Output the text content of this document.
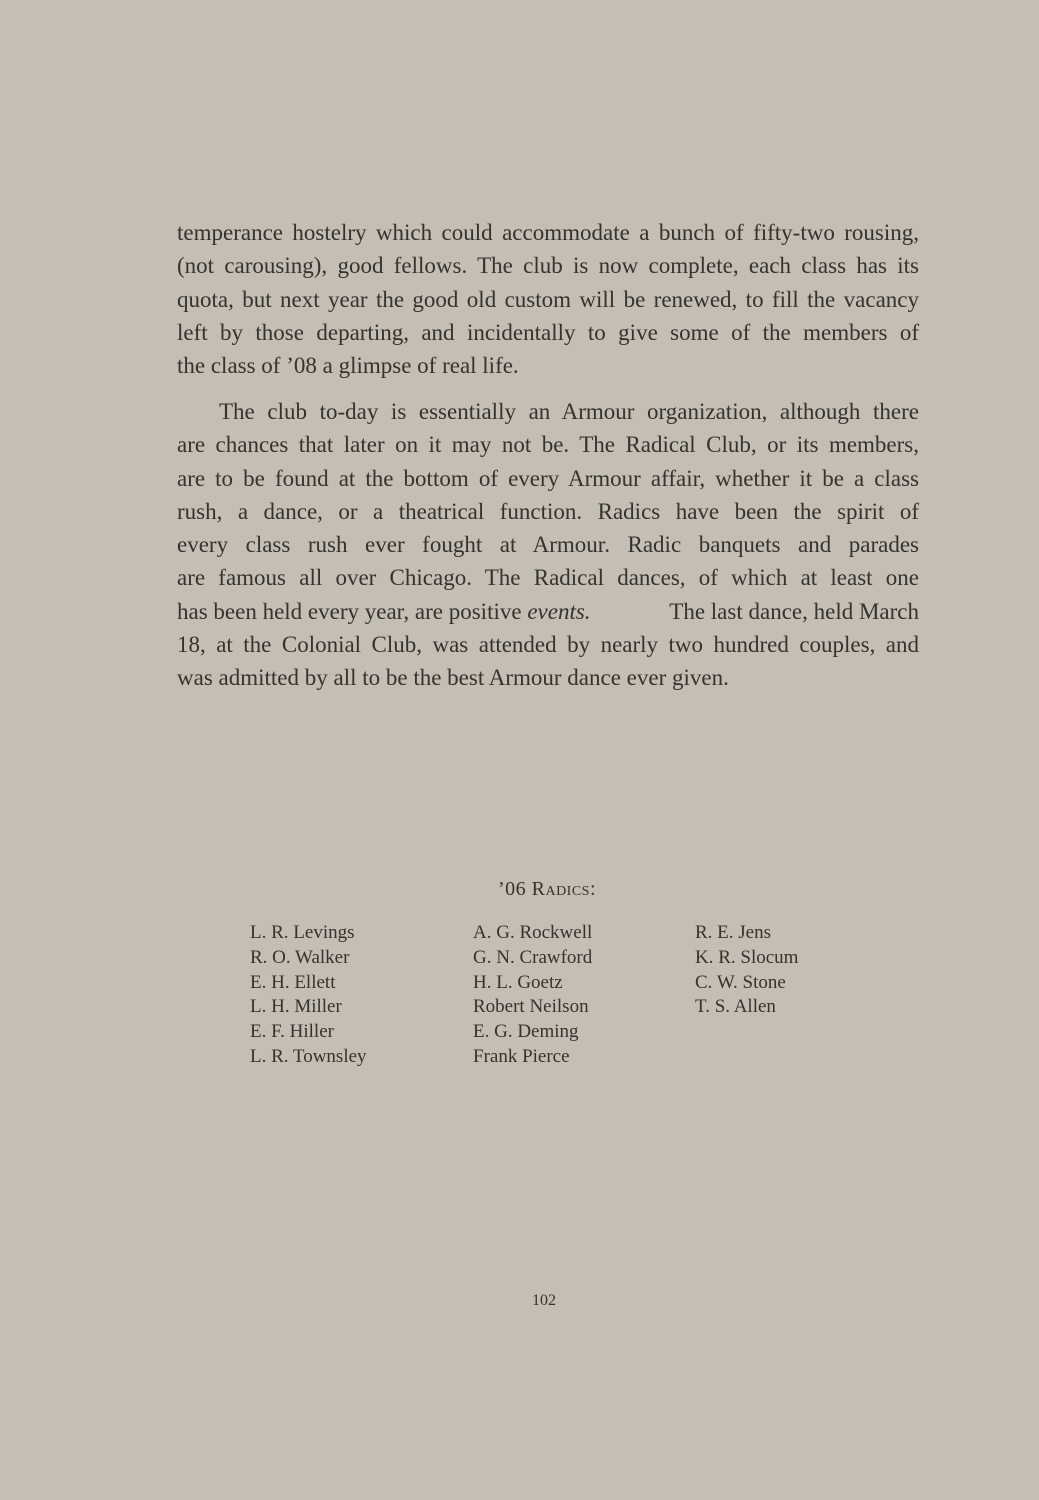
temperance hostelry which could accommodate a bunch of fifty-two rousing,
(not carousing), good fellows. The club is now complete, each class has its
quota, but next year the good old custom will be renewed, to fill the vacancy
left by those departing, and incidentally to give some of the members of
the class of ’08 a glimpse of real life.
The club to-day is essentially an Armour organization, although there
are chances that later on it may not be. The Radical Club, or its members,
are to be found at the bottom of every Armour affair, whether it be a class
rush, a dance, or a theatrical function. Radics have been the spirit of
every class rush ever fought at Armour. Radic banquets and parades
are famous all over Chicago. The Radical dances, of which at least one
has been held every year, are positive events.	The last dance, held March
18, at the Colonial Club, was attended by nearly two hundred couples, and
was admitted by all to be the best Armour dance ever given.
’06 Radics:
L. R. Levings
R. O. Walker
E. H. Ellett
L. H. Miller
E. F. Hiller
L. R. Townsley
A. G. Rockwell
G. N. Crawford
H. L. Goetz
Robert Neilson
E. G. Deming
Frank Pierce
R. E. Jens
K. R. Slocum
C. W. Stone
T. S. Allen
102
